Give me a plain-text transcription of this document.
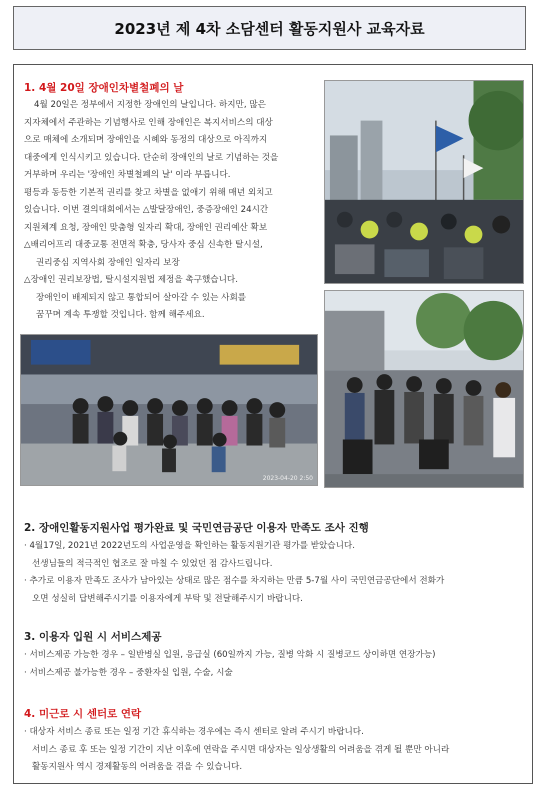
2023년 제 4차 소담센터 활동지원사 교육자료
1. 4월 20일 장애인차별철폐의 날

4월 20일은 정부에서 지정한 장애인의 날입니다. 하지만, 많은

지자체에서 주관하는 기념행사로 인해 장애인은 복지서비스의 대상

으로 매체에 소개되며 장애인을 시혜와 동정의 대상으로 아직까지

대중에게 인식시키고 있습니다. 단순히 장애인의 날로 기념하는 것을

거부하며 우리는 '장애인 차별철폐의 날' 이라 부릅니다.

평등과 동등한 기본적 권리를 찾고 차별을 없애기 위해 매년 외치고

있습니다. 이번 결의대회에서는 △발달장애인, 중증장애인 24시간

지원체계 요청, 장애인 맞춤형 일자리 확대, 장애인 권리예산 확보

△배리어프리 대중교통 전면적 확충, 당사자 중심 신속한 탈시설,

권리중심 지역사회 장애인 일자리 보장

△장애인 권리보장법, 탈시설지원법 제정을 촉구했습니다.

장애인이 배제되지 않고 통합되어 살아갈 수 있는 사회를

꿈꾸며 계속 투쟁할 것입니다. 함께 해주세요.

2023-04-20 2:50
2. 장애인활동지원사업 평가완료 및 국민연금공단 이용자 만족도 조사 진행

· 4월17일, 2021년 2022년도의 사업운영을 확인하는 활동지원기관 평가를 받았습니다.

선생님들의 적극적인 협조로 잘 마칠 수 있었던 점 감사드립니다.

· 추가로 이용자 만족도 조사가 남아있는 상태로 많은 점수를 차지하는 만큼 5-7월 사이 국민연금공단에서 전화가

오면 성실히 답변해주시기를 이용자에게 부탁 및 전달해주시기 바랍니다.

3. 이용자 입원 시 서비스제공

· 서비스제공 가능한 경우 – 일반병실 입원, 응급실 (60일까지 가능, 질병 악화 시 질병코드 상이하면 연장가능)

· 서비스제공 불가능한 경우 – 중환자실 입원, 수술, 시술

4. 미근로 시 센터로 연락

· 대상자 서비스 종료 또는 일정 기간 휴식하는 경우에는 즉시 센터로 알려 주시기 바랍니다.

서비스 종료 후 또는 일정 기간이 지난 이후에 연락을 주시면 대상자는 일상생활의 어려움을 겪게 될 뿐만 아니라

활동지원사 역시 경제활동의 어려움을 겪을 수 있습니다.
